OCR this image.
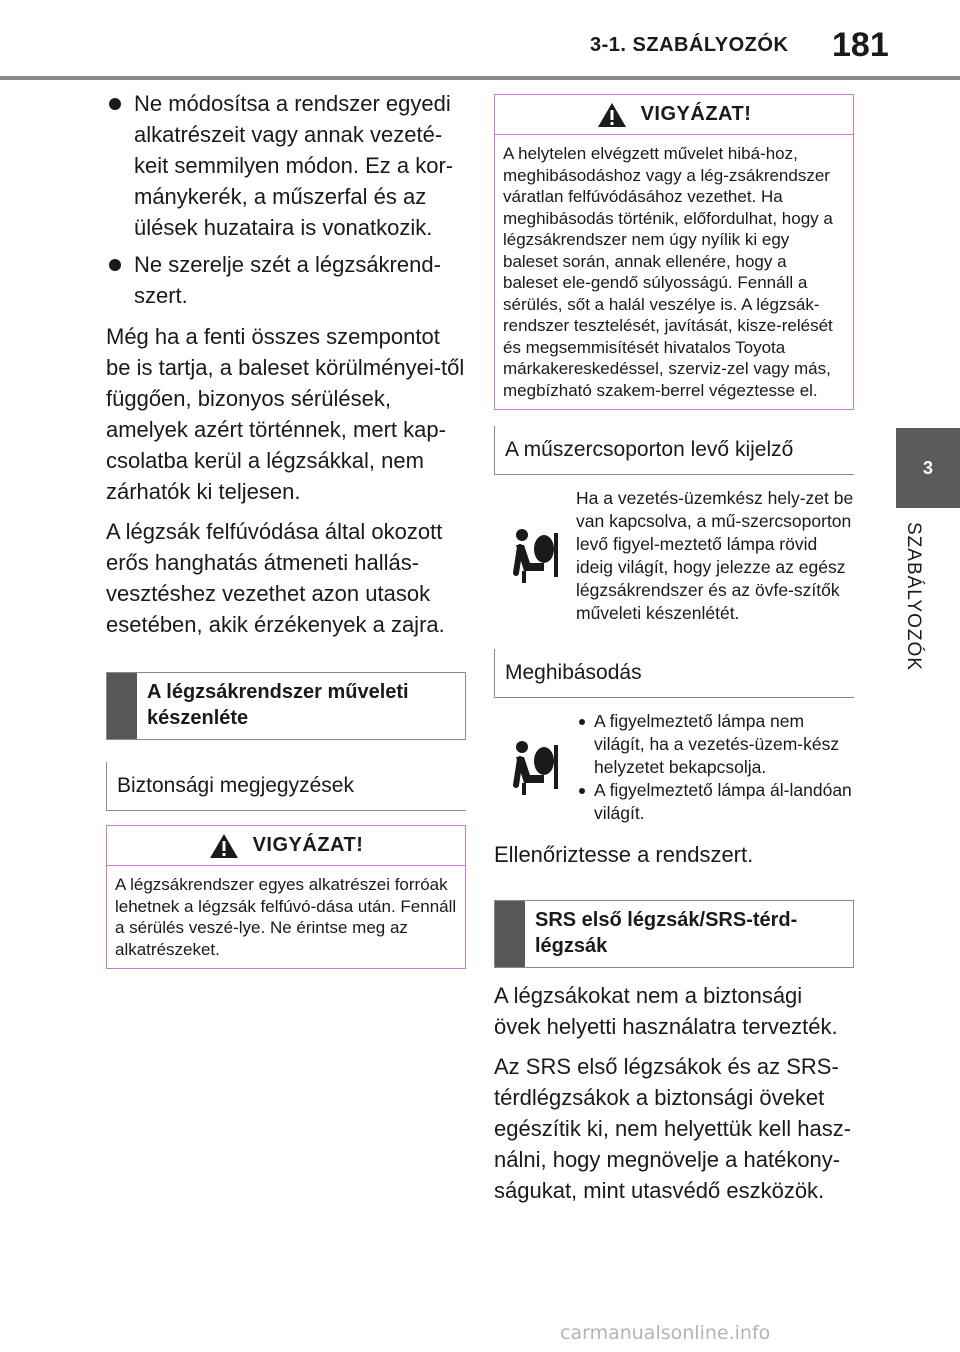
3-1. SZABÁLYOZÓK 181
3
SZABÁLYOZÓK
Ne módosítsa a rendszer egyedi alkatrészeit vagy annak vezeté-keit semmilyen módon. Ez a kor-mánykerék, a műszerfal és az ülések huzataira is vonatkozik.
Ne szerelje szét a légzsákrend-szert.

Még ha a fenti összes szempontot be is tartja, a baleset körülményei-től függően, bizonyos sérülések, amelyek azért történnek, mert kap-csolatba kerül a légzsákkal, nem zárhatók ki teljesen.

A légzsák felfúvódása által okozott erős hanghatás átmeneti hallás-vesztéshez vezethet azon utasok esetében, akik érzékenyek a zajra.

A légzsákrendszer műveleti készenléte
Biztonsági megjegyzések
VIGYÁZAT!
A légzsákrendszer egyes alkatrészei forróak lehetnek a légzsák felfúvó-dása után. Fennáll a sérülés veszé-lye. Ne érintse meg az alkatrészeket.
VIGYÁZAT!
A helytelen elvégzett művelet hibá-hoz, meghibásodáshoz vagy a lég-zsákrendszer váratlan felfúvódásához vezethet. Ha meghibásodás történik, előfordulhat, hogy a légzsákrendszer nem úgy nyílik ki egy baleset során, annak ellenére, hogy a baleset ele-gendő súlyosságú. Fennáll a sérülés, sőt a halál veszélye is. A légzsák-rendszer tesztelését, javítását, kisze-relését és megsemmisítését hivatalos Toyota márkakereskedéssel, szerviz-zel vagy más, megbízható szakem-berrel végeztesse el.
A műszercsoporton levő kijelző
Ha a vezetés-üzemkész hely-zet be van kapcsolva, a mű-szercsoporton levő figyel-meztető lámpa rövid ideig világít, hogy jelezze az egész légzsákrendszer és az övfe-szítők műveleti készenlétét.
Meghibásodás
A figyelmeztető lámpa nem világít, ha a vezetés-üzem-kész helyzetet bekapcsolja.
A figyelmeztető lámpa ál-landóan világít.

Ellenőriztesse a rendszert.

SRS első légzsák/SRS-térd-légzsák

A légzsákokat nem a biztonsági övek helyetti használatra tervezték.

Az SRS első légzsákok és az SRS-térdlégzsákok a biztonsági öveket egészítik ki, nem helyettük kell hasz-nálni, hogy megnövelje a hatékony-ságukat, mint utasvédő eszközök.

carmanualsonline.info
